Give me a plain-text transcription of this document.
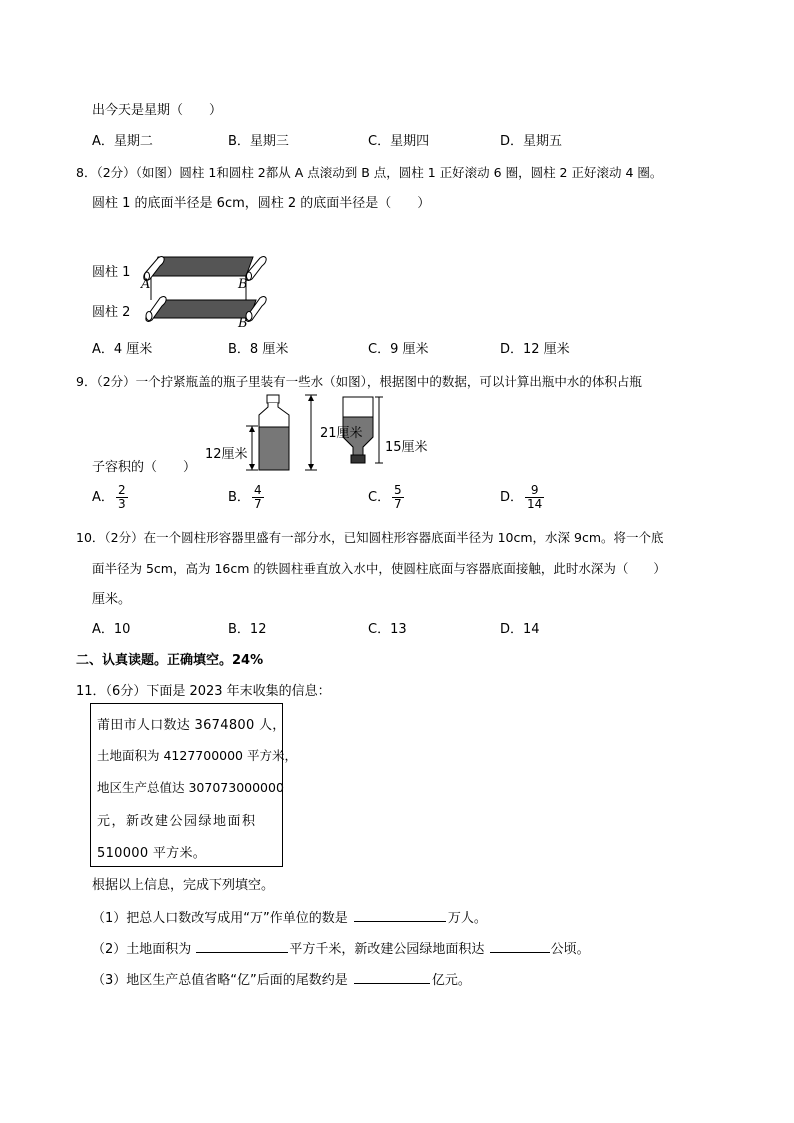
出今天是星期（　　）
A．星期二	B．星期三	C．星期四	D．星期五
8．（2分）（如图）圆柱 1和圆柱 2都从 A 点滚动到 B 点，圆柱 1 正好滚动 6 圈，圆柱 2 正好滚动 4 圈。
圆柱 1 的底面半径是 6cm，圆柱 2 的底面半径是（　　）
圆柱 1
圆柱 2
A	B
B
A．4 厘米	B．8 厘米	C．9 厘米	D．12 厘米
9．（2分）一个拧紧瓶盖的瓶子里装有一些水（如图），根据图中的数据，可以计算出瓶中水的体积占瓶
12厘米
21厘米
15厘米
子容积的（　　）
A． $\frac{2}{3}$	B． $\frac{4}{7}$	C． $\frac{5}{7}$	D． $\frac{9}{14}$
10．（2分）在一个圆柱形容器里盛有一部分水，已知圆柱形容器底面半径为 10cm，水深 9cm。将一个底
面半径为 5cm，高为 16cm 的铁圆柱垂直放入水中，使圆柱底面与容器底面接触，此时水深为（　　）
厘米。
A．10	B．12	C．13	D．14
二、认真读题。正确填空。24%
11．（6分）下面是 2023 年末收集的信息：
莆田市人口数达 3674800 人，
土地面积为 4127700000 平方米，
地区生产总值达 307073000000
元，新改建公园绿地面积
510000 平方米。
根据以上信息，完成下列填空。
（1）把总人口数改写成用“万”作单位的数是	万人。
（2）土地面积为	平方千米，新改建公园绿地面积达	公顷。
（3）地区生产总值省略“亿”后面的尾数约是	亿元。
